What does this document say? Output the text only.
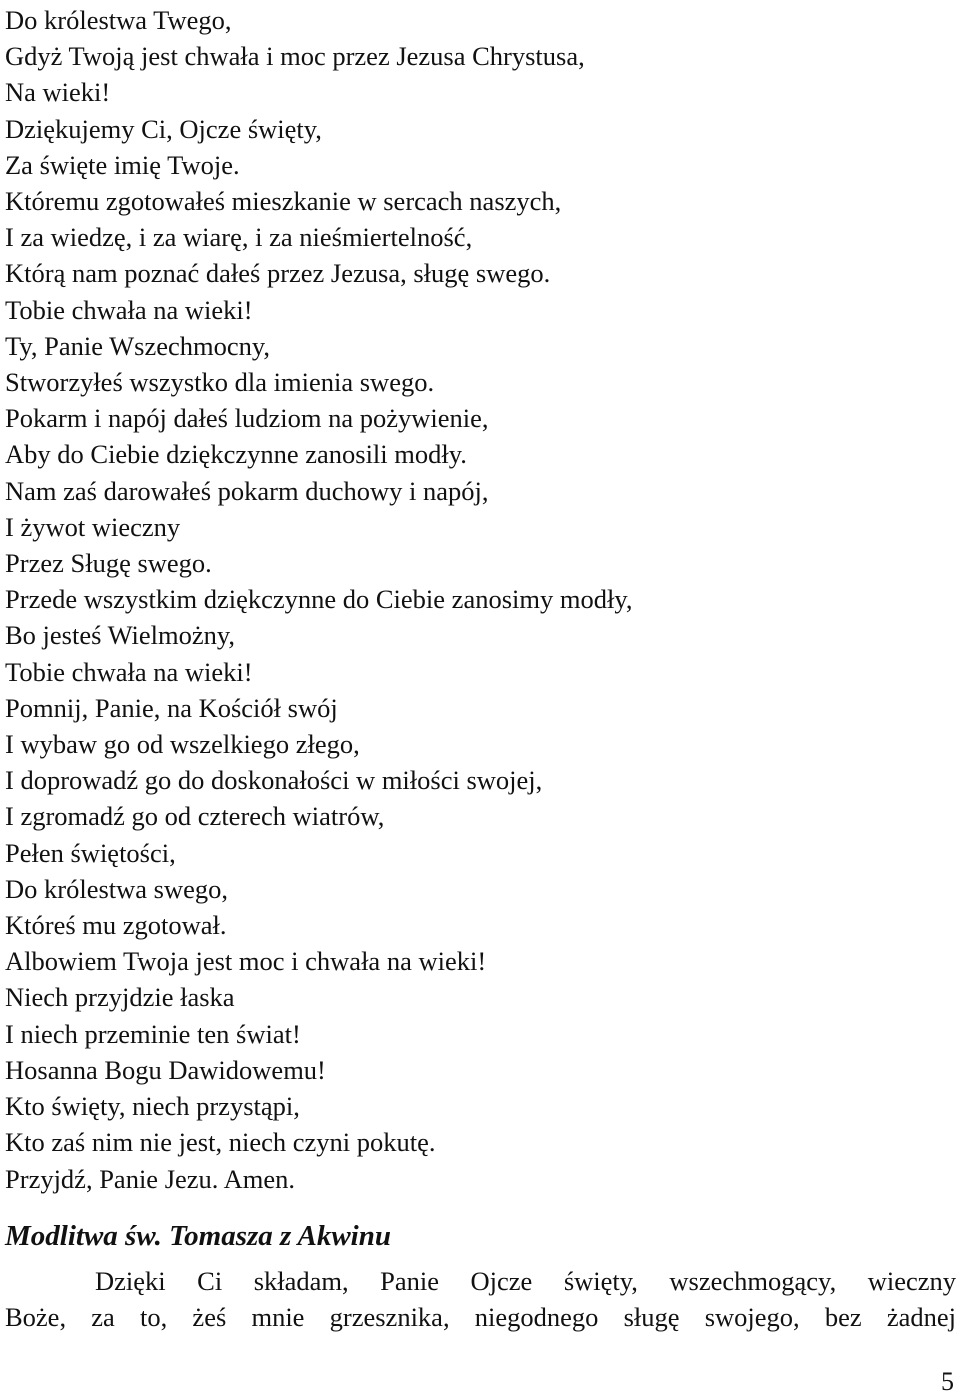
Do królestwa Twego,
Gdyż Twoją jest chwała i moc przez Jezusa Chrystusa,
Na wieki!
Dziękujemy Ci, Ojcze święty,
Za święte imię Twoje.
Któremu zgotowałeś mieszkanie w sercach naszych,
I za wiedzę, i za wiarę, i za nieśmiertelność,
Którą nam poznać dałeś przez Jezusa, sługę swego.
Tobie chwała na wieki!
Ty, Panie Wszechmocny,
Stworzyłeś wszystko dla imienia swego.
Pokarm i napój dałeś ludziom na pożywienie,
Aby do Ciebie dziękczynne zanosili modły.
Nam zaś darowałeś pokarm duchowy i napój,
I żywot wieczny
Przez Sługę swego.
Przede wszystkim dziękczynne do Ciebie zanosimy modły,
Bo jesteś Wielmożny,
Tobie chwała na wieki!
Pomnij, Panie, na Kościół swój
I wybaw go od wszelkiego złego,
I doprowadź go do doskonałości w miłości swojej,
I zgromadź go od czterech wiatrów,
Pełen świętości,
Do królestwa swego,
Któreś mu zgotował.
Albowiem Twoja jest moc i chwała na wieki!
Niech przyjdzie łaska
I niech przeminie ten świat!
Hosanna Bogu Dawidowemu!
Kto święty, niech przystąpi,
Kto zaś nim nie jest, niech czyni pokutę.
Przyjdź, Panie Jezu. Amen.
Modlitwa św. Tomasza z Akwinu

Dzięki Ci składam, Panie Ojcze święty, wszechmogący, wieczny
Boże, za to, żeś mnie grzesznika, niegodnego sługę swojego, bez żadnej

5
